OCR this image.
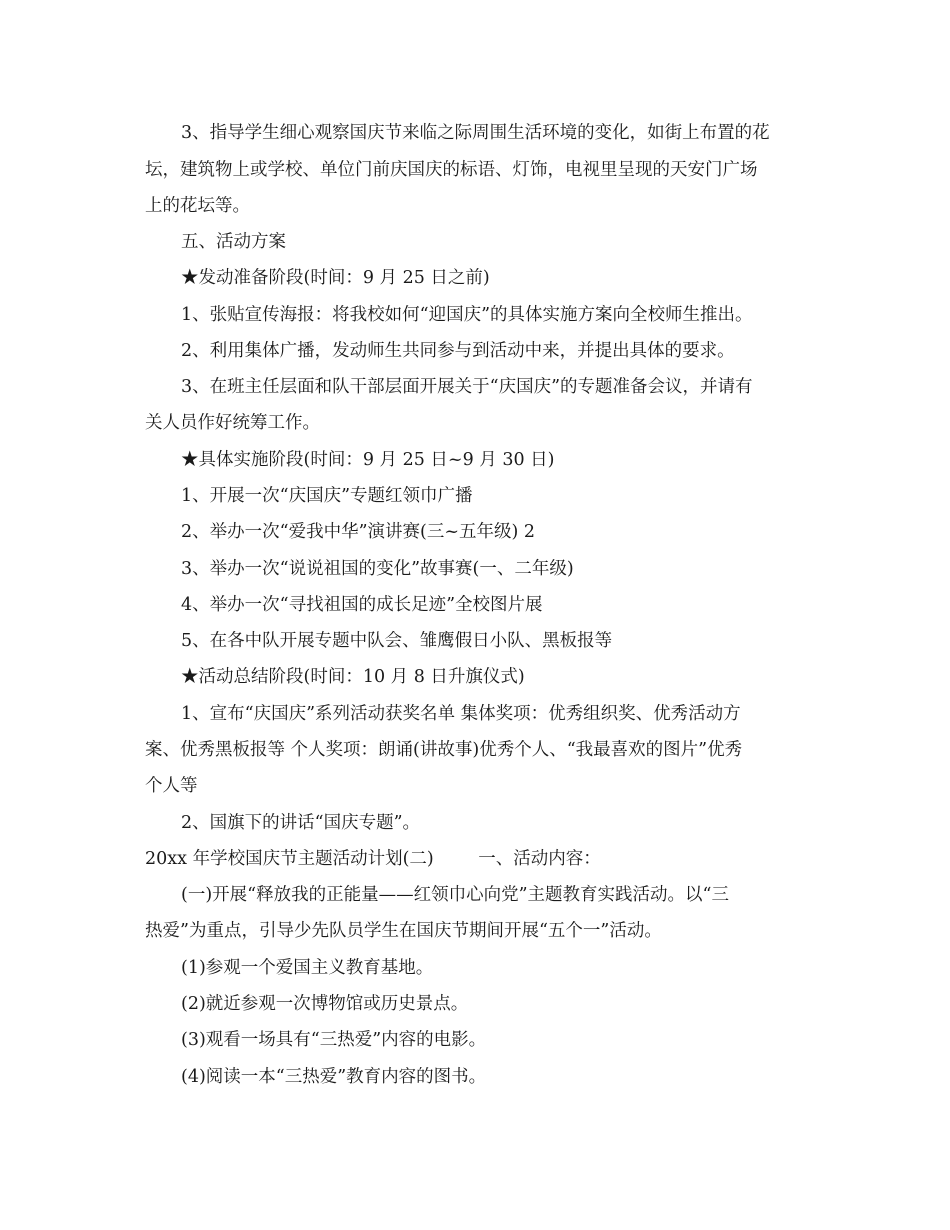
3、指导学生细心观察国庆节来临之际周围生活环境的变化，如街上布置的花
坛，建筑物上或学校、单位门前庆国庆的标语、灯饰，电视里呈现的天安门广场
上的花坛等。
五、活动方案
★发动准备阶段(时间：9 月 25 日之前)
1、张贴宣传海报：将我校如何“迎国庆”的具体实施方案向全校师生推出。
2、利用集体广播，发动师生共同参与到活动中来，并提出具体的要求。
3、在班主任层面和队干部层面开展关于“庆国庆”的专题准备会议，并请有
关人员作好统筹工作。
★具体实施阶段(时间：9 月 25 日~9 月 30 日)
1、开展一次“庆国庆”专题红领巾广播
2、举办一次“爱我中华”演讲赛(三~五年级) 2
3、举办一次“说说祖国的变化”故事赛(一、二年级)
4、举办一次“寻找祖国的成长足迹”全校图片展
5、在各中队开展专题中队会、雏鹰假日小队、黑板报等
★活动总结阶段(时间：10 月 8 日升旗仪式)
1、宣布“庆国庆”系列活动获奖名单 集体奖项：优秀组织奖、优秀活动方
案、优秀黑板报等 个人奖项：朗诵(讲故事)优秀个人、“我最喜欢的图片”优秀
个人等
2、国旗下的讲话“国庆专题”。
20xx 年学校国庆节主题活动计划(二)        一、活动内容：
(一)开展“释放我的正能量——红领巾心向党”主题教育实践活动。以“三
热爱”为重点，引导少先队员学生在国庆节期间开展“五个一”活动。
(1)参观一个爱国主义教育基地。
(2)就近参观一次博物馆或历史景点。
(3)观看一场具有“三热爱”内容的电影。
(4)阅读一本“三热爱”教育内容的图书。
